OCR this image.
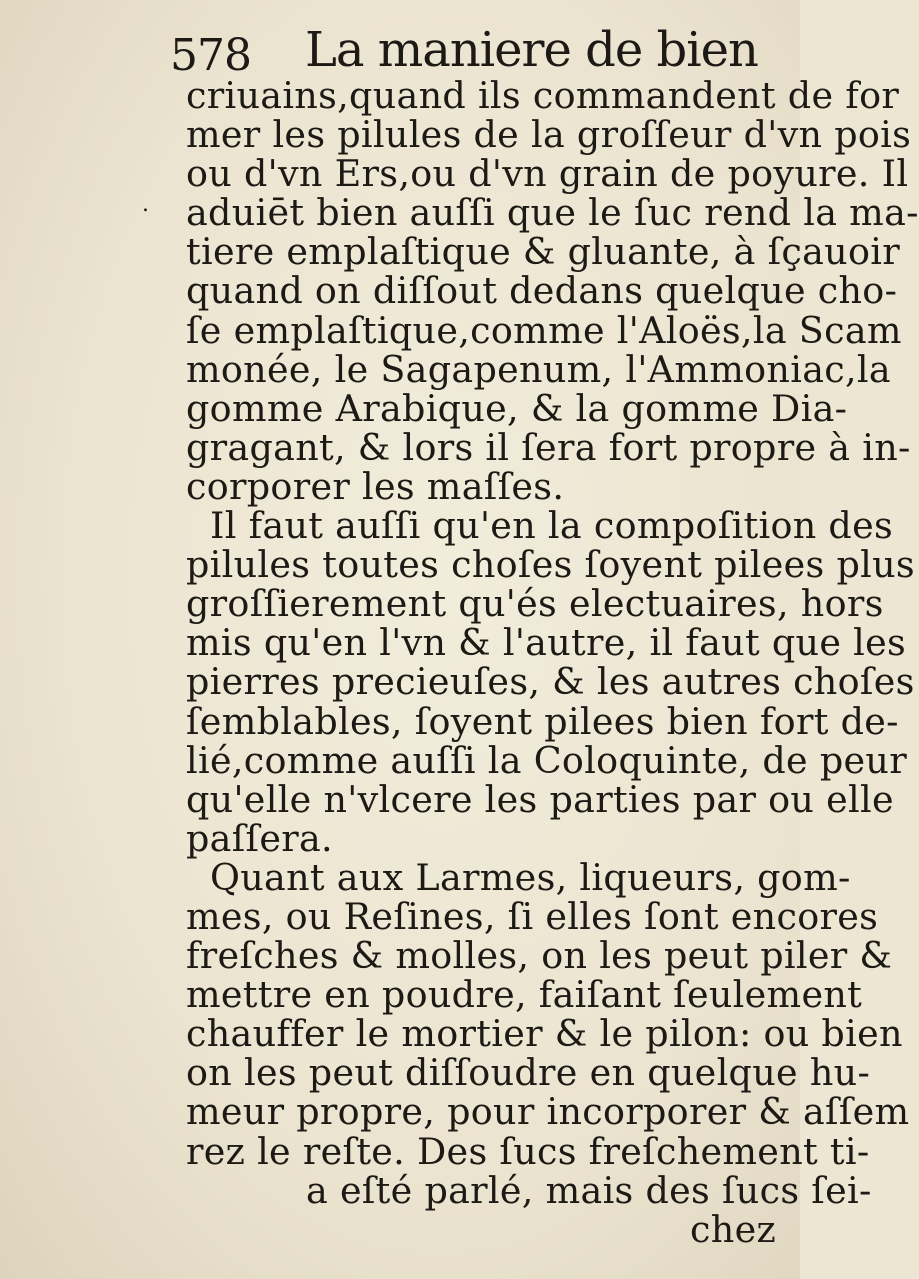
578 La maniere de bien
.
criuains,quand ils commandent de for
mer les pilules de la groſſeur d'vn pois
ou d'vn Ers,ou d'vn grain de poyure. Il
aduiēt bien auſſi que le ſuc rend la ma-
tiere emplaſtique & gluante, à ſçauoir
quand on diſſout dedans quelque cho-
ſe emplaſtique,comme l'Aloës,la Scam
monée, le Sagapenum, l'Ammoniac,la
gomme Arabique, & la gomme Dia-
gragant, & lors il ſera fort propre à in-
corporer les maſſes.
Il faut auſſi qu'en la compoſition des
pilules toutes choſes ſoyent pilees plus
groſſierement qu'és electuaires, hors
mis qu'en l'vn & l'autre, il faut que les
pierres precieuſes, & les autres choſes
ſemblables, ſoyent pilees bien fort de-
lié,comme auſſi la Coloquinte, de peur
qu'elle n'vlcere les parties par ou elle
paſſera.
Quant aux Larmes, liqueurs, gom-
mes, ou Reſines, ſi elles ſont encores
freſches & molles, on les peut piler &
mettre en poudre, faiſant ſeulement
chauffer le mortier & le pilon: ou bien
on les peut diſſoudre en quelque hu-
meur propre, pour incorporer & aſſem
rez le reſte. Des ſucs freſchement ti-
a eſté parlé, mais des ſucs ſei-
chez
